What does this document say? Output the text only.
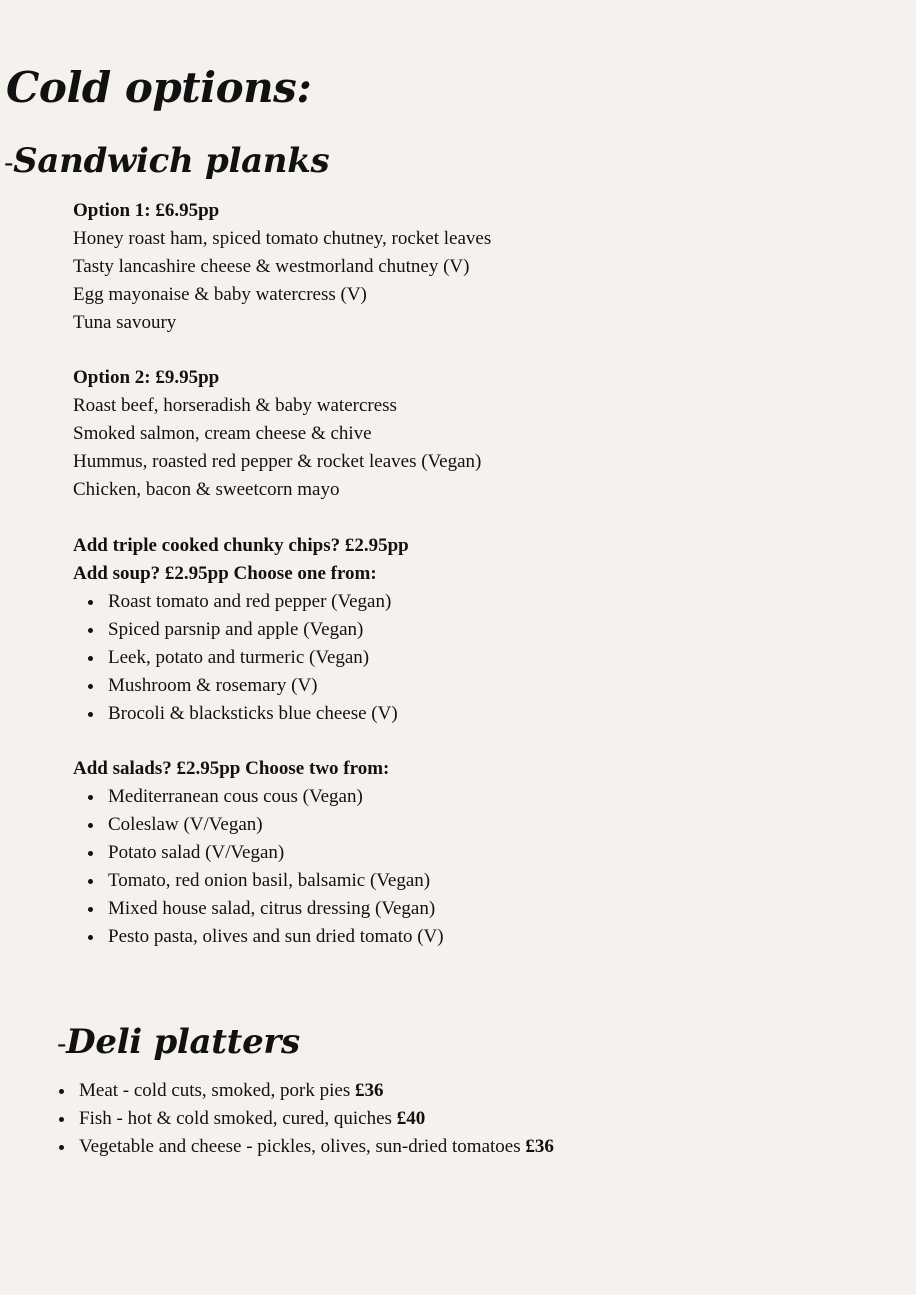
Cold options:
-Sandwich planks
Option 1: £6.95pp
Honey roast ham, spiced tomato chutney, rocket leaves
Tasty lancashire cheese & westmorland chutney (V)
Egg mayonaise & baby watercress (V)
Tuna savoury
Option 2: £9.95pp
Roast beef, horseradish & baby watercress
Smoked salmon, cream cheese & chive
Hummus, roasted red pepper & rocket leaves (Vegan)
Chicken, bacon & sweetcorn mayo
Add triple cooked chunky chips? £2.95pp
Add soup? £2.95pp Choose one from:
Roast tomato and red pepper (Vegan)
Spiced parsnip and apple (Vegan)
Leek, potato and turmeric (Vegan)
Mushroom & rosemary (V)
Brocoli & blacksticks blue cheese (V)
Add salads? £2.95pp Choose two from:
Mediterranean cous cous (Vegan)
Coleslaw (V/Vegan)
Potato salad (V/Vegan)
Tomato, red onion basil, balsamic (Vegan)
Mixed house salad, citrus dressing (Vegan)
Pesto pasta, olives and sun dried tomato (V)
-Deli platters
Meat - cold cuts, smoked, pork pies £36
Fish - hot & cold smoked, cured, quiches £40
Vegetable and cheese - pickles, olives, sun-dried tomatoes £36
